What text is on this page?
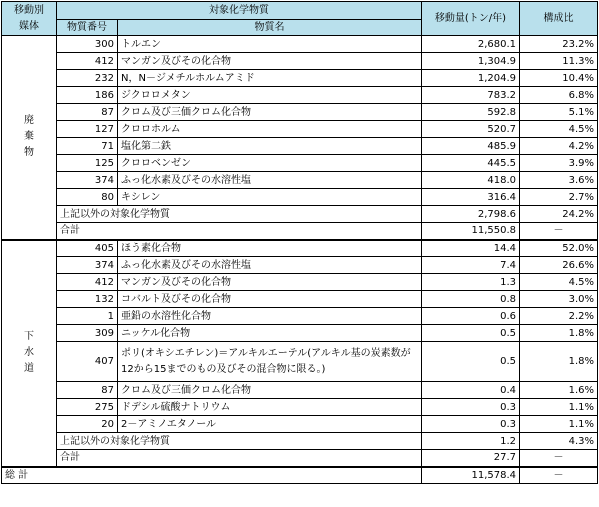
移動別
媒体	対象化学物質		移動量(トン/年)	構成比
	物質番号	物質名		

廃
棄
物	300	トルエン	2,680.1	23.2%
	412	マンガン及びその化合物	1,304.9	11.3%
	232	N，N－ジメチルホルムアミド	1,204.9	10.4%
	186	ジクロロメタン	783.2	6.8%
	87	クロム及び三価クロム化合物	592.8	5.1%
	127	クロロホルム	520.7	4.5%
	71	塩化第二鉄	485.9	4.2%
	125	クロロベンゼン	445.5	3.9%
	374	ふっ化水素及びその水溶性塩	418.0	3.6%
	80	キシレン	316.4	2.7%
	上記以外の対象化学物質		2,798.6	24.2%
	合計		11,550.8	－

下
水
道	405	ほう素化合物	14.4	52.0%
	374	ふっ化水素及びその水溶性塩	7.4	26.6%
	412	マンガン及びその化合物	1.3	4.5%
	132	コバルト及びその化合物	0.8	3.0%
	1	亜鉛の水溶性化合物	0.6	2.2%
	309	ニッケル化合物	0.5	1.8%
	407	ポリ(オキシエチレン)＝アルキルエーテル(アルキル基の炭素数が12から15までのもの及びその混合物に限る。)	0.5	1.8%
	87	クロム及び三価クロム化合物	0.4	1.6%
	275	ドデシル硫酸ナトリウム	0.3	1.1%
	20	2－アミノエタノール	0.3	1.1%
	上記以外の対象化学物質		1.2	4.3%
	合計		27.7	－
総 計			11,578.4	－
